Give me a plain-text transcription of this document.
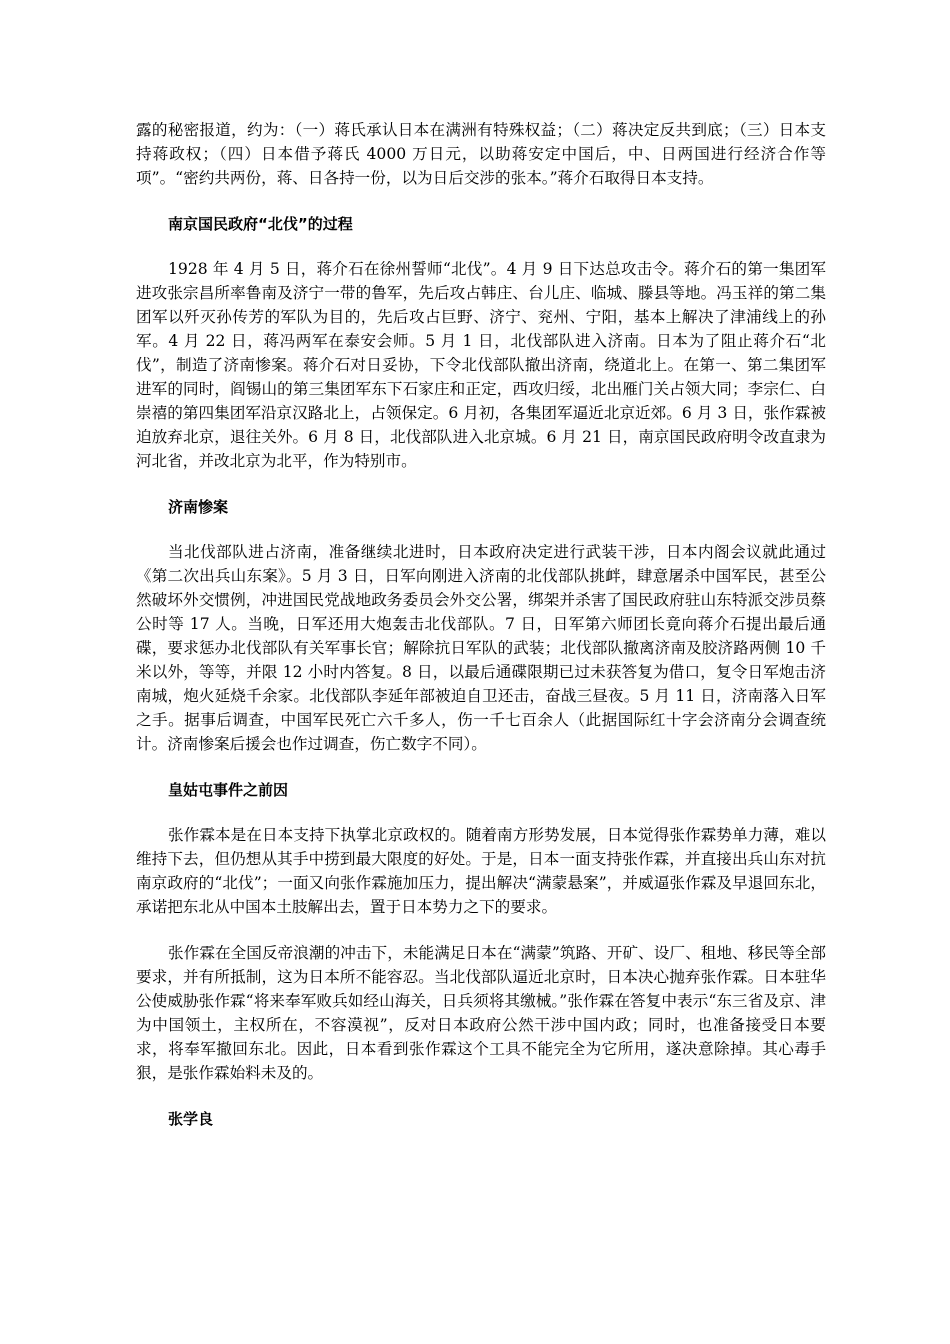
露的秘密报道，约为：（一）蒋氏承认日本在满洲有特殊权益；（二）蒋决定反共到底；（三）日本支持蒋政权；（四）日本借予蒋氏 4000 万日元，以助蒋安定中国后，中、日两国进行经济合作等项”。“密约共两份，蒋、日各持一份，以为日后交涉的张本。”蒋介石取得日本支持。

南京国民政府“北伐”的过程

1928 年 4 月 5 日，蒋介石在徐州誓师“北伐”。4 月 9 日下达总攻击令。蒋介石的第一集团军进攻张宗昌所率鲁南及济宁一带的鲁军，先后攻占韩庄、台儿庄、临城、滕县等地。冯玉祥的第二集团军以歼灭孙传芳的军队为目的，先后攻占巨野、济宁、兖州、宁阳，基本上解决了津浦线上的孙军。4 月 22 日，蒋冯两军在泰安会师。5 月 1 日，北伐部队进入济南。日本为了阻止蒋介石“北伐”，制造了济南惨案。蒋介石对日妥协，下令北伐部队撤出济南，绕道北上。在第一、第二集团军进军的同时，阎锡山的第三集团军东下石家庄和正定，西攻归绥，北出雁门关占领大同；李宗仁、白崇禧的第四集团军沿京汉路北上，占领保定。6 月初，各集团军逼近北京近郊。6 月 3 日，张作霖被迫放弃北京，退往关外。6 月 8 日，北伐部队进入北京城。6 月 21 日，南京国民政府明令改直隶为河北省，并改北京为北平，作为特别市。

济南惨案

当北伐部队进占济南，准备继续北进时，日本政府决定进行武装干涉，日本内阁会议就此通过《第二次出兵山东案》。5 月 3 日，日军向刚进入济南的北伐部队挑衅，肆意屠杀中国军民，甚至公然破坏外交惯例，冲进国民党战地政务委员会外交公署，绑架并杀害了国民政府驻山东特派交涉员蔡公时等 17 人。当晚，日军还用大炮轰击北伐部队。7 日，日军第六师团长竟向蒋介石提出最后通碟，要求惩办北伐部队有关军事长官；解除抗日军队的武装；北伐部队撤离济南及胶济路两侧 10 千米以外，等等，并限 12 小时内答复。8 日，以最后通碟限期已过未获答复为借口，复令日军炮击济南城，炮火延烧千余家。北伐部队李延年部被迫自卫还击，奋战三昼夜。5 月 11 日，济南落入日军之手。据事后调查，中国军民死亡六千多人，伤一千七百余人（此据国际红十字会济南分会调查统计。济南惨案后援会也作过调查，伤亡数字不同）。

皇姑屯事件之前因

张作霖本是在日本支持下执掌北京政权的。随着南方形势发展，日本觉得张作霖势单力薄，难以维持下去，但仍想从其手中捞到最大限度的好处。于是，日本一面支持张作霖，并直接出兵山东对抗南京政府的“北伐”；一面又向张作霖施加压力，提出解决“满蒙悬案”，并威逼张作霖及早退回东北，承诺把东北从中国本土肢解出去，置于日本势力之下的要求。

张作霖在全国反帝浪潮的冲击下，未能满足日本在“满蒙”筑路、开矿、设厂、租地、移民等全部要求，并有所抵制，这为日本所不能容忍。当北伐部队逼近北京时，日本决心抛弃张作霖。日本驻华公使威胁张作霖“将来奉军败兵如经山海关，日兵须将其缴械。”张作霖在答复中表示“东三省及京、津为中国领土，主权所在，不容漠视”，反对日本政府公然干涉中国内政；同时，也准备接受日本要求，将奉军撤回东北。因此，日本看到张作霖这个工具不能完全为它所用，遂决意除掉。其心毒手狠，是张作霖始料未及的。

张学良
